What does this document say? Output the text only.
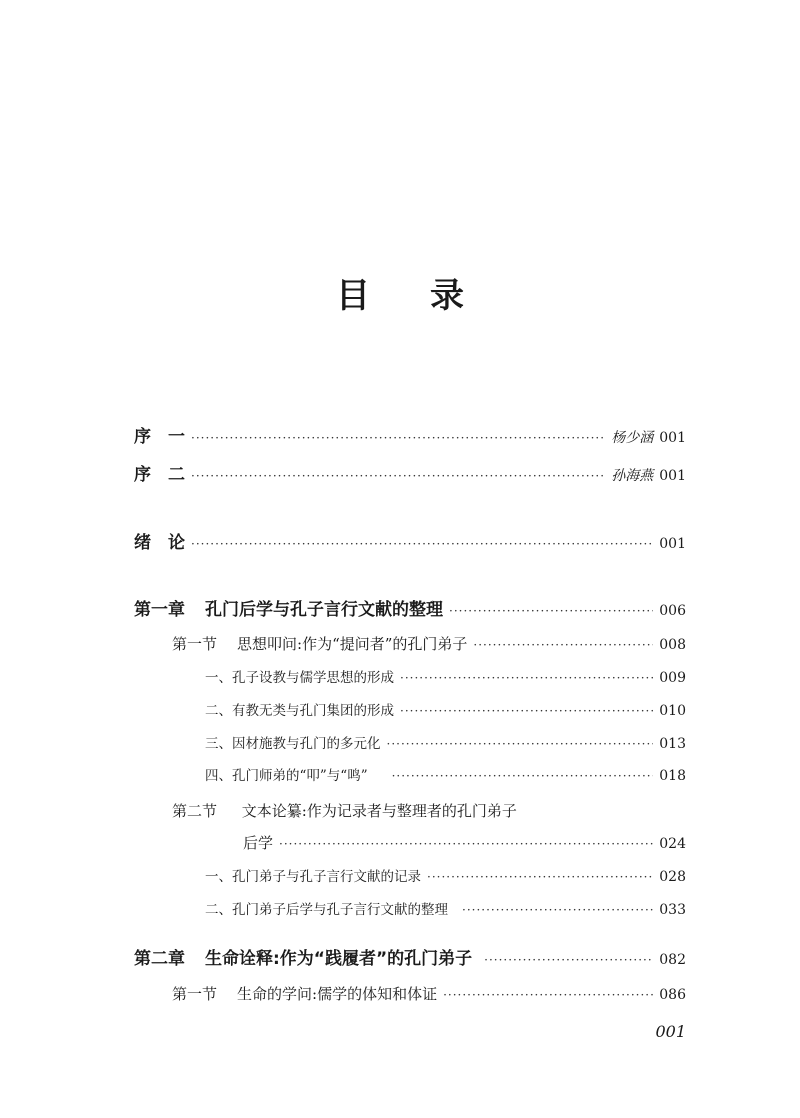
目 录
序　一 ·····	杨少涵 001
序　二 ·····	孙海燕 001
绪　论 ·····	001
第一章 孔门后学与孔子言行文献的整理 ·····	006
第一节 思想叩问:作为“提问者”的孔门弟子 ·····	008
一、孔子设教与儒学思想的形成 ·····	009
二、有教无类与孔门集团的形成 ·····	010
三、因材施教与孔门的多元化 ·····	013
四、孔门师弟的“叩”与“鸣” ·····	018
第二节 文本论纂:作为记录者与整理者的孔门弟子
后学 ·····	024
一、孔门弟子与孔子言行文献的记录 ·····	028
二、孔门弟子后学与孔子言行文献的整理 ·····	033
第二章 生命诠释:作为“践履者”的孔门弟子 ·····	082
第一节 生命的学问:儒学的体知和体证 ·····	086
001
